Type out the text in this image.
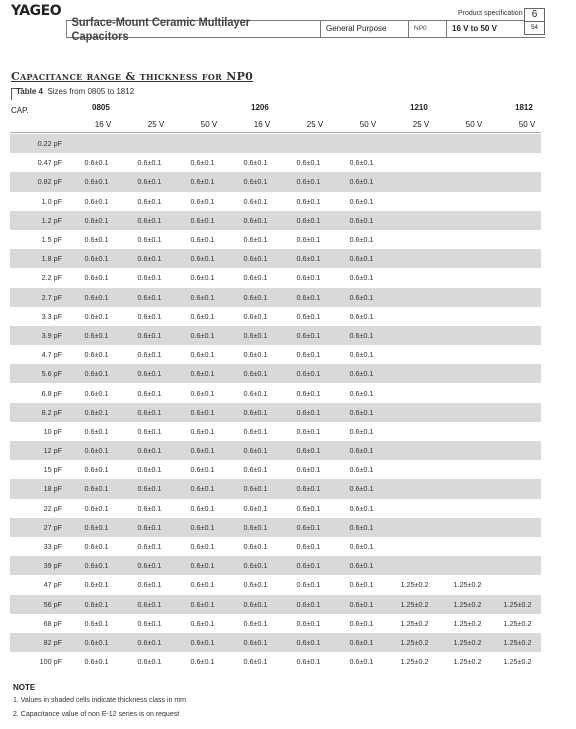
YAGEO	Product specification 6
54
Surface-Mount Ceramic Multilayer Capacitors	General Purpose	NP0	16 V to 50 V
Capacitance range & thickness for NP0
Table 4 Sizes from 0805 to 1812
CAP.	0805	1206	1210	1812
16 V	25 V	50 V	16 V	25 V	50 V	25 V	50 V	50 V
0.22 pF
0.47 pF	0.6±0.1	0.6±0.1	0.6±0.1	0.6±0.1	0.6±0.1	0.6±0.1
0.82 pF	0.6±0.1	0.6±0.1	0.6±0.1	0.6±0.1	0.6±0.1	0.6±0.1
1.0 pF	0.6±0.1	0.6±0.1	0.6±0.1	0.6±0.1	0.6±0.1	0.6±0.1
1.2 pF	0.6±0.1	0.6±0.1	0.6±0.1	0.6±0.1	0.6±0.1	0.6±0.1
1.5 pF	0.6±0.1	0.6±0.1	0.6±0.1	0.6±0.1	0.6±0.1	0.6±0.1
1.8 pF	0.6±0.1	0.6±0.1	0.6±0.1	0.6±0.1	0.6±0.1	0.6±0.1
2.2 pF	0.6±0.1	0.6±0.1	0.6±0.1	0.6±0.1	0.6±0.1	0.6±0.1
2.7 pF	0.6±0.1	0.6±0.1	0.6±0.1	0.6±0.1	0.6±0.1	0.6±0.1
3.3 pF	0.6±0.1	0.6±0.1	0.6±0.1	0.6±0.1	0.6±0.1	0.6±0.1
3.9 pF	0.6±0.1	0.6±0.1	0.6±0.1	0.6±0.1	0.6±0.1	0.6±0.1
4.7 pF	0.6±0.1	0.6±0.1	0.6±0.1	0.6±0.1	0.6±0.1	0.6±0.1
5.6 pF	0.6±0.1	0.6±0.1	0.6±0.1	0.6±0.1	0.6±0.1	0.6±0.1
6.8 pF	0.6±0.1	0.6±0.1	0.6±0.1	0.6±0.1	0.6±0.1	0.6±0.1
8.2 pF	0.6±0.1	0.6±0.1	0.6±0.1	0.6±0.1	0.6±0.1	0.6±0.1
10 pF	0.6±0.1	0.6±0.1	0.6±0.1	0.6±0.1	0.6±0.1	0.6±0.1
12 pF	0.6±0.1	0.6±0.1	0.6±0.1	0.6±0.1	0.6±0.1	0.6±0.1
15 pF	0.6±0.1	0.6±0.1	0.6±0.1	0.6±0.1	0.6±0.1	0.6±0.1
18 pF	0.6±0.1	0.6±0.1	0.6±0.1	0.6±0.1	0.6±0.1	0.6±0.1
22 pF	0.6±0.1	0.6±0.1	0.6±0.1	0.6±0.1	0.6±0.1	0.6±0.1
27 pF	0.6±0.1	0.6±0.1	0.6±0.1	0.6±0.1	0.6±0.1	0.6±0.1
33 pF	0.6±0.1	0.6±0.1	0.6±0.1	0.6±0.1	0.6±0.1	0.6±0.1
39 pF	0.6±0.1	0.6±0.1	0.6±0.1	0.6±0.1	0.6±0.1	0.6±0.1
47 pF	0.6±0.1	0.6±0.1	0.6±0.1	0.6±0.1	0.6±0.1	0.6±0.1	1.25±0.2	1.25±0.2
56 pF	0.6±0.1	0.6±0.1	0.6±0.1	0.6±0.1	0.6±0.1	0.6±0.1	1.25±0.2	1.25±0.2	1.25±0.2
68 pF	0.6±0.1	0.6±0.1	0.6±0.1	0.6±0.1	0.6±0.1	0.6±0.1	1.25±0.2	1.25±0.2	1.25±0.2
82 pF	0.6±0.1	0.6±0.1	0.6±0.1	0.6±0.1	0.6±0.1	0.6±0.1	1.25±0.2	1.25±0.2	1.25±0.2
100 pF	0.6±0.1	0.6±0.1	0.6±0.1	0.6±0.1	0.6±0.1	0.6±0.1	1.25±0.2	1.25±0.2	1.25±0.2
NOTE
1. Values in shaded cells indicate thickness class in mm
2. Capacitance value of non E-12 series is on request
